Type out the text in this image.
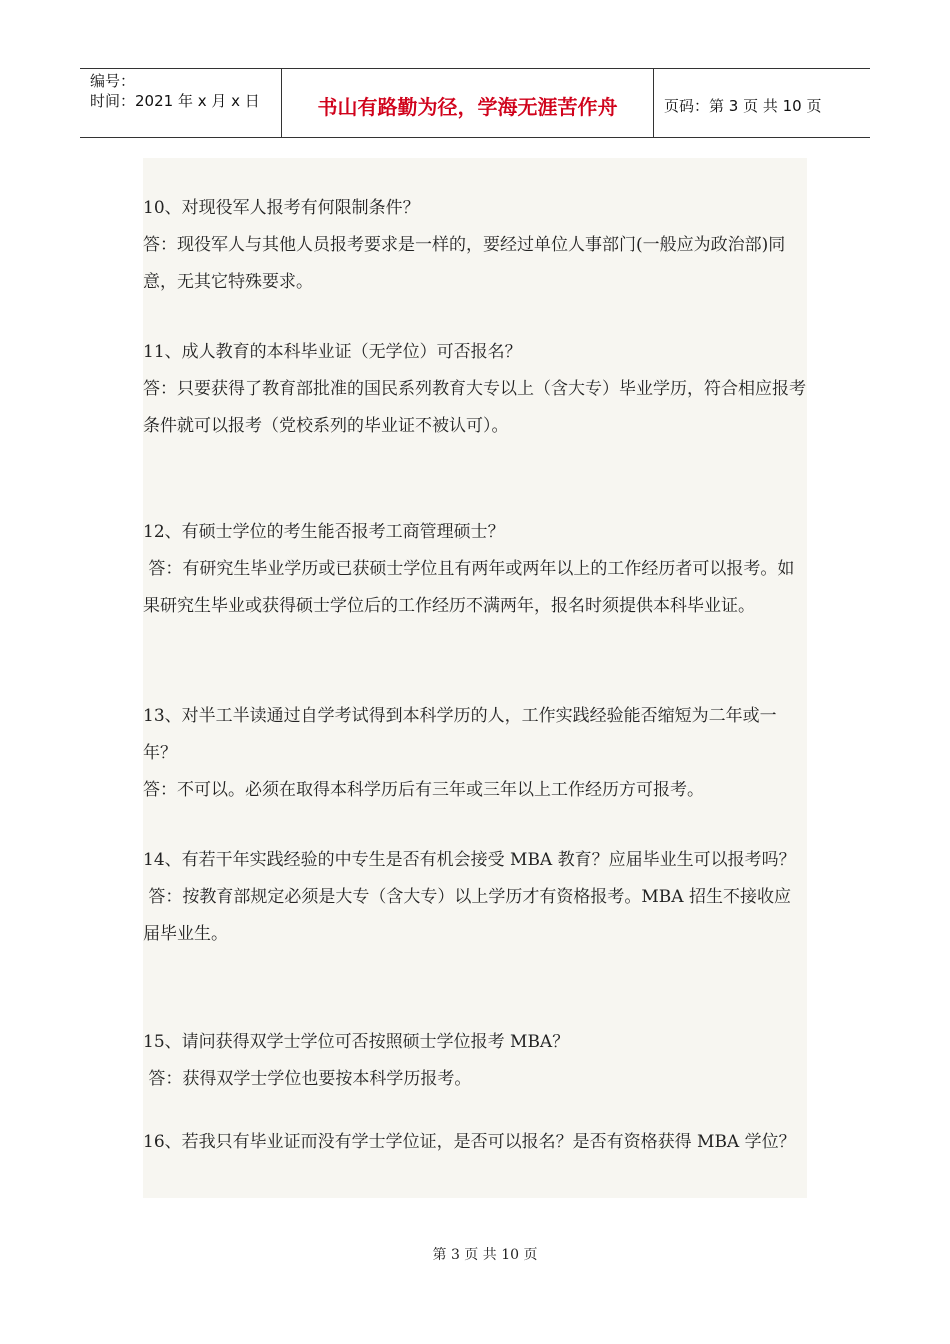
编号：
时间：2021 年 x 月 x 日	书山有路勤为径，学海无涯苦作舟	页码：第 3 页 共 10 页

10、对现役军人报考有何限制条件？

答：现役军人与其他人员报考要求是一样的，要经过单位人事部门(一般应为政治部)同意，无其它特殊要求。

11、成人教育的本科毕业证（无学位）可否报名？

答：只要获得了教育部批准的国民系列教育大专以上（含大专）毕业学历，符合相应报考条件就可以报考（党校系列的毕业证不被认可）。

12、有硕士学位的考生能否报考工商管理硕士？

答：有研究生毕业学历或已获硕士学位且有两年或两年以上的工作经历者可以报考。如果研究生毕业或获得硕士学位后的工作经历不满两年，报名时须提供本科毕业证。

13、对半工半读通过自学考试得到本科学历的人，工作实践经验能否缩短为二年或一年？

答：不可以。必须在取得本科学历后有三年或三年以上工作经历方可报考。

14、有若干年实践经验的中专生是否有机会接受 MBA 教育？应届毕业生可以报考吗？

答：按教育部规定必须是大专（含大专）以上学历才有资格报考。MBA 招生不接收应届毕业生。

15、请问获得双学士学位可否按照硕士学位报考 MBA？

答：获得双学士学位也要按本科学历报考。

16、若我只有毕业证而没有学士学位证，是否可以报名？是否有资格获得 MBA 学位？

第 3 页 共 10 页
